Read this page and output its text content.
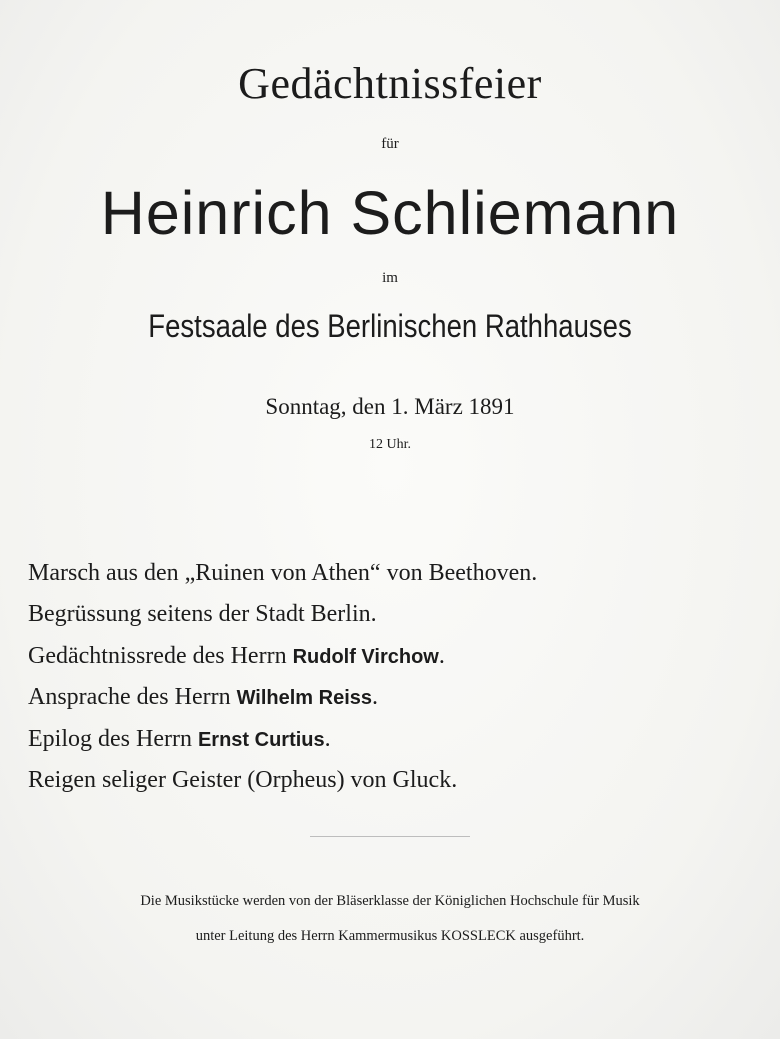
Gedächtnissfeier
für
Heinrich Schliemann
im
Festsaale des Berlinischen Rathhauses
Sonntag, den 1. März 1891
12 Uhr.
Marsch aus den „Ruinen von Athen“ von Beethoven.
Begrüssung seitens der Stadt Berlin.
Gedächtnissrede des Herrn Rudolf Virchow.
Ansprache des Herrn Wilhelm Reiss.
Epilog des Herrn Ernst Curtius.
Reigen seliger Geister (Orpheus) von Gluck.
Die Musikstücke werden von der Bläserklasse der Königlichen Hochschule für Musik
unter Leitung des Herrn Kammermusikus KOSSLECK ausgeführt.
